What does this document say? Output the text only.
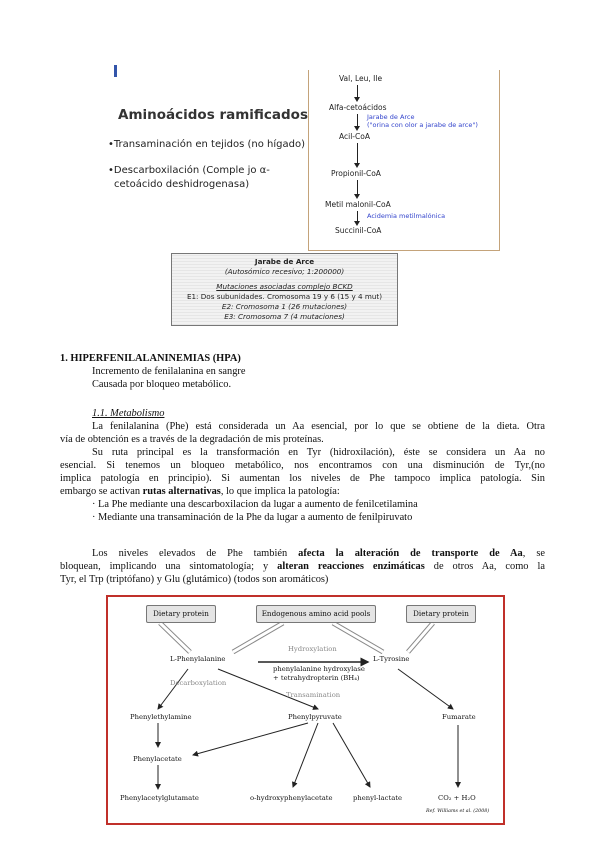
Aminoácidos ramificados
•Transaminación en tejidos (no hígado)
•Descarboxilación (Comple jo α-
cetoácido deshidrogenasa)
Val, Leu, Ile
Alfa-cetoácidos
Jarabe de Arce
("orina con olor a jarabe de arce")
Acil-CoA
Propionil-CoA
Metil malonil-CoA
Acidemia metilmalónica
Succinil-CoA
Jarabe de Arce
(Autosómico recesivo; 1:200000)
Mutaciones asociadas complejo BCKD
E1: Dos subunidades. Cromosoma 19 y 6 (15 y 4 mut)
E2: Cromosoma 1 (26 mutaciones)
E3: Cromosoma 7 (4 mutaciones)
1. HIPERFENILALANINEMIAS (HPA)
Incremento de fenilalanina en sangre
Causada por bloqueo metabólico.
1.1. Metabolismo
La fenilalanina (Phe) está considerada un Aa esencial, por lo que se obtiene de la dieta. Otra
vía de obtención es a través de la degradación de mis proteínas.
Su ruta principal es la transformación en Tyr (hidroxilación), éste se considera un Aa no
esencial. Si tenemos un bloqueo metabólico, nos encontramos con una disminución de Tyr,(no
implica patología en principio). Si aumentan los niveles de Phe tampoco implica patología. Sin
embargo se activan rutas alternativas, lo que implica la patología:
· La Phe mediante una descarboxilacion da lugar a aumento de fenilcetilamina
· Mediante una transaminación de la Phe da lugar a aumento de fenilpiruvato
Los niveles elevados de Phe también afecta la alteración de transporte de Aa, se
bloquean, implicando una sintomatología; y alteran reacciones enzimáticas de otros Aa, como la
Tyr, el Trp (triptófano) y Glu (glutámico) (todos son aromáticos)
Dietary protein	Endogenous amino acid pools	Dietary protein
L-Phenylalanine	L-Tyrosine
Hydroxylation
phenylalanine hydroxylase
+ tetrahydropterin (BH₄)
Decarboxylation
Transamination
Phenylethylamine	Phenylpyruvate	Fumarate
Phenylacetate
Phenylacetylglutamate	o-hydroxyphenylacetate	phenyl-lactate	CO₂ + H₂O
Ref. Williams et al. (2008)
